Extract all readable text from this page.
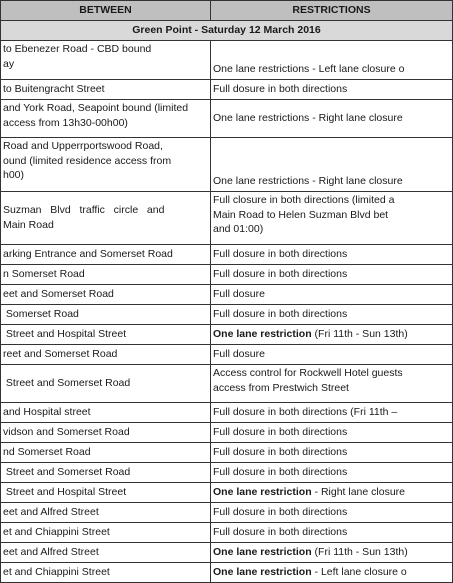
BETWEEN	RESTRICTIONS
Green Point - Saturday 12 March 2016	

to Ebenezer Road - CBD bound
ay	One lane restrictions - Left lane closure o

to Buitengracht Street	Full dosure in both directions

and York Road, Seapoint bound (limited
access from 13h30-00h00)	One lane restrictions - Right lane closure

Road and Upperrportswood Road,
ound (limited residence access from
h00)	One lane restrictions - Right lane closure

Suzman   Blvd   traffic   circle   and
Main Road	Full closure in both directions (limited a
Main Road to Helen Suzman Blvd bet
and 01:00)

arking Entrance and Somerset Road	Full dosure in both directions
n Somerset Road	Full dosure in both directions
eet and Somerset Road	Full dosure
Somerset Road	Full dosure in both directions
Street and Hospital Street	One lane restriction (Fri 11th - Sun 13th)
reet and Somerset Road	Full dosure
Street and Somerset Road	Access control for Rockwell Hotel guests
access from Prestwich Street

and Hospital street	Full dosure in both directions (Fri 11th –
vidson and Somerset Road	Full dosure in both directions
nd Somerset Road	Full dosure in both directions
Street and Somerset Road	Full dosure in both directions
Street and Hospital Street	One lane restriction - Right lane closure
eet and Alfred Street	Full dosure in both directions
et and Chiappini Street	Full dosure in both directions
eet and Alfred Street	One lane restriction (Fri 11th - Sun 13th)
et and Chiappini Street	One lane restriction - Left lane closure o
